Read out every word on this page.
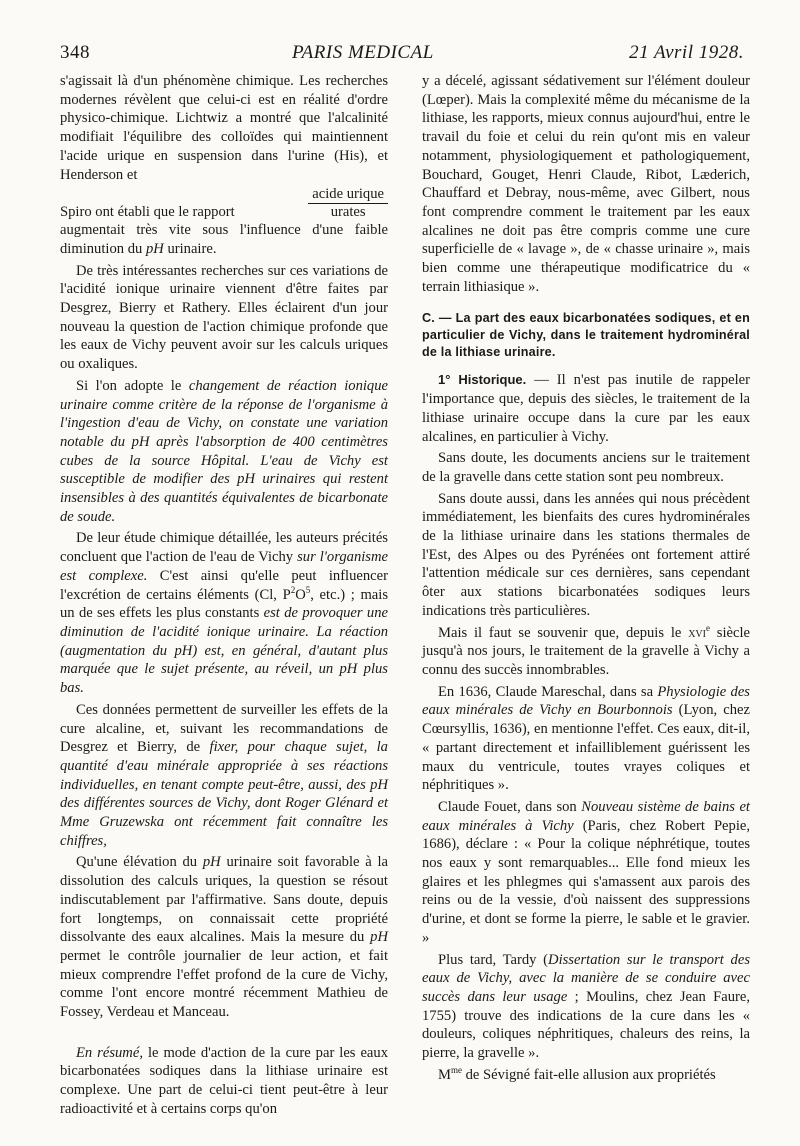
348	PARIS MEDICAL	21 Avril 1928.

s'agissait là d'un phénomène chimique. Les recherches modernes révèlent que celui-ci est en réalité d'ordre physico-chimique. Lichtwiz a montré que l'alcalinité modifiait l'équilibre des colloïdes qui maintiennent l'acide urique en suspension dans l'urine (His), et Henderson et

Spiro ont établi que le rapport	$\frac{\text{acide urique}}{\text{urates}}$

augmentait très vite sous l'influence d'une faible diminution du pH urinaire.

De très intéressantes recherches sur ces variations de l'acidité ionique urinaire viennent d'être faites par Desgrez, Bierry et Rathery. Elles éclairent d'un jour nouveau la question de l'action chimique profonde que les eaux de Vichy peuvent avoir sur les calculs uriques ou oxaliques.

Si l'on adopte le changement de réaction ionique urinaire comme critère de la réponse de l'organisme à l'ingestion d'eau de Vichy, on constate une variation notable du pH après l'absorption de 400 centimètres cubes de la source Hôpital. L'eau de Vichy est susceptible de modifier des pH urinaires qui restent insensibles à des quantités équivalentes de bicarbonate de soude.

De leur étude chimique détaillée, les auteurs précités concluent que l'action de l'eau de Vichy sur l'organisme est complexe. C'est ainsi qu'elle peut influencer l'excrétion de certains éléments (Cl, $P^2O^5$, etc.) ; mais un de ses effets les plus constants est de provoquer une diminution de l'acidité ionique urinaire. La réaction (augmentation du pH) est, en général, d'autant plus marquée que le sujet présente, au réveil, un pH plus bas.

Ces données permettent de surveiller les effets de la cure alcaline, et, suivant les recommandations de Desgrez et Bierry, de fixer, pour chaque sujet, la quantité d'eau minérale appropriée à ses réactions individuelles, en tenant compte peut-être, aussi, des pH des différentes sources de Vichy, dont Roger Glénard et Mme Gruzewska ont récemment fait connaître les chiffres,

Qu'une élévation du pH urinaire soit favorable à la dissolution des calculs uriques, la question se résout indiscutablement par l'affirmative. Sans doute, depuis fort longtemps, on connaissait cette propriété dissolvante des eaux alcalines. Mais la mesure du pH permet le contrôle journalier de leur action, et fait mieux comprendre l'effet profond de la cure de Vichy, comme l'ont encore montré récemment Mathieu de Fossey, Verdeau et Manceau.

En résumé, le mode d'action de la cure par les eaux bicarbonatées sodiques dans la lithiase urinaire est complexe. Une part de celui-ci tient peut-être à leur radioactivité et à certains corps qu'on

y a décelé, agissant sédativement sur l'élément douleur (Lœper). Mais la complexité même du mécanisme de la lithiase, les rapports, mieux connus aujourd'hui, entre le travail du foie et celui du rein qu'ont mis en valeur notamment, physiologiquement et pathologiquement, Bouchard, Gouget, Henri Claude, Ribot, Læderich, Chauffard et Debray, nous-même, avec Gilbert, nous font comprendre comment le traitement par les eaux alcalines ne doit pas être compris comme une cure superficielle de « lavage », de « chasse urinaire », mais bien comme une thérapeutique modificatrice du « terrain lithiasique ».

C. — La part des eaux bicarbonatées sodiques, et en particulier de Vichy, dans le traitement hydrominéral de la lithiase urinaire.

1° Historique. — Il n'est pas inutile de rappeler l'importance que, depuis des siècles, le traitement de la lithiase urinaire occupe dans la cure par les eaux alcalines, en particulier à Vichy.

Sans doute, les documents anciens sur le traitement de la gravelle dans cette station sont peu nombreux.

Sans doute aussi, dans les années qui nous précèdent immédiatement, les bienfaits des cures hydrominérales de la lithiase urinaire dans les stations thermales de l'Est, des Alpes ou des Pyrénées ont fortement attiré l'attention médicale sur ces dernières, sans cependant ôter aux stations bicarbonatées sodiques leurs indications très particulières.

Mais il faut se souvenir que, depuis le xvi$^e$ siècle jusqu'à nos jours, le traitement de la gravelle à Vichy a connu des succès innombrables.

En 1636, Claude Mareschal, dans sa Physiologie des eaux minérales de Vichy en Bourbonnois (Lyon, chez Cœursyllis, 1636), en mentionne l'effet. Ces eaux, dit-il, « partant directement et infailliblement guérissent les maux du ventricule, toutes vrayes coliques et néphritiques ».

Claude Fouet, dans son Nouveau sistème de bains et eaux minérales à Vichy (Paris, chez Robert Pepie, 1686), déclare : « Pour la colique néphrétique, toutes nos eaux y sont remarquables... Elle fond mieux les glaires et les phlegmes qui s'amassent aux parois des reins ou de la vessie, d'où naissent des suppressions d'urine, et dont se forme la pierre, le sable et le gravier. »

Plus tard, Tardy (Dissertation sur le transport des eaux de Vichy, avec la manière de se conduire avec succès dans leur usage ; Moulins, chez Jean Faure, 1755) trouve des indications de la cure dans les « douleurs, coliques néphritiques, chaleurs des reins, la pierre, la gravelle ».

$M^{me}$ de Sévigné fait-elle allusion aux propriétés
